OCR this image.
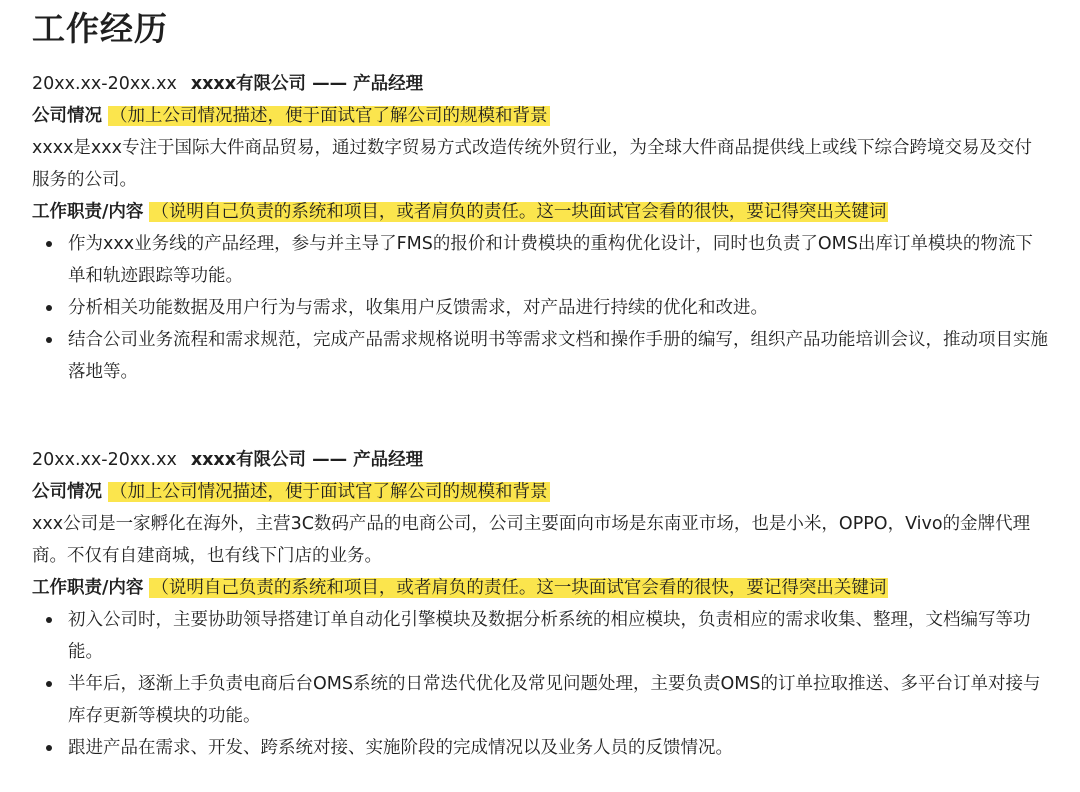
工作经历
20xx.xx-20xx.xx xxxx有限公司 —— 产品经理
公司情况 （加上公司情况描述，便于面试官了解公司的规模和背景
xxxx是xxx专注于国际大件商品贸易，通过数字贸易方式改造传统外贸行业，为全球大件商品提供线上或线下综合跨境交易及交付服务的公司。
工作职责/内容 （说明自己负责的系统和项目，或者肩负的责任。这一块面试官会看的很快，要记得突出关键词
作为xxx业务线的产品经理，参与并主导了FMS的报价和计费模块的重构优化设计，同时也负责了OMS出库订单模块的物流下单和轨迹跟踪等功能。
分析相关功能数据及用户行为与需求，收集用户反馈需求，对产品进行持续的优化和改进。
结合公司业务流程和需求规范，完成产品需求规格说明书等需求文档和操作手册的编写，组织产品功能培训会议，推动项目实施落地等。
20xx.xx-20xx.xx xxxx有限公司 —— 产品经理
公司情况 （加上公司情况描述，便于面试官了解公司的规模和背景
xxx公司是一家孵化在海外，主营3C数码产品的电商公司，公司主要面向市场是东南亚市场，也是小米，OPPO，Vivo的金牌代理商。不仅有自建商城，也有线下门店的业务。
工作职责/内容 （说明自己负责的系统和项目，或者肩负的责任。这一块面试官会看的很快，要记得突出关键词
初入公司时，主要协助领导搭建订单自动化引擎模块及数据分析系统的相应模块，负责相应的需求收集、整理，文档编写等功能。
半年后，逐渐上手负责电商后台OMS系统的日常迭代优化及常见问题处理，主要负责OMS的订单拉取推送、多平台订单对接与库存更新等模块的功能。
跟进产品在需求、开发、跨系统对接、实施阶段的完成情况以及业务人员的反馈情况。
